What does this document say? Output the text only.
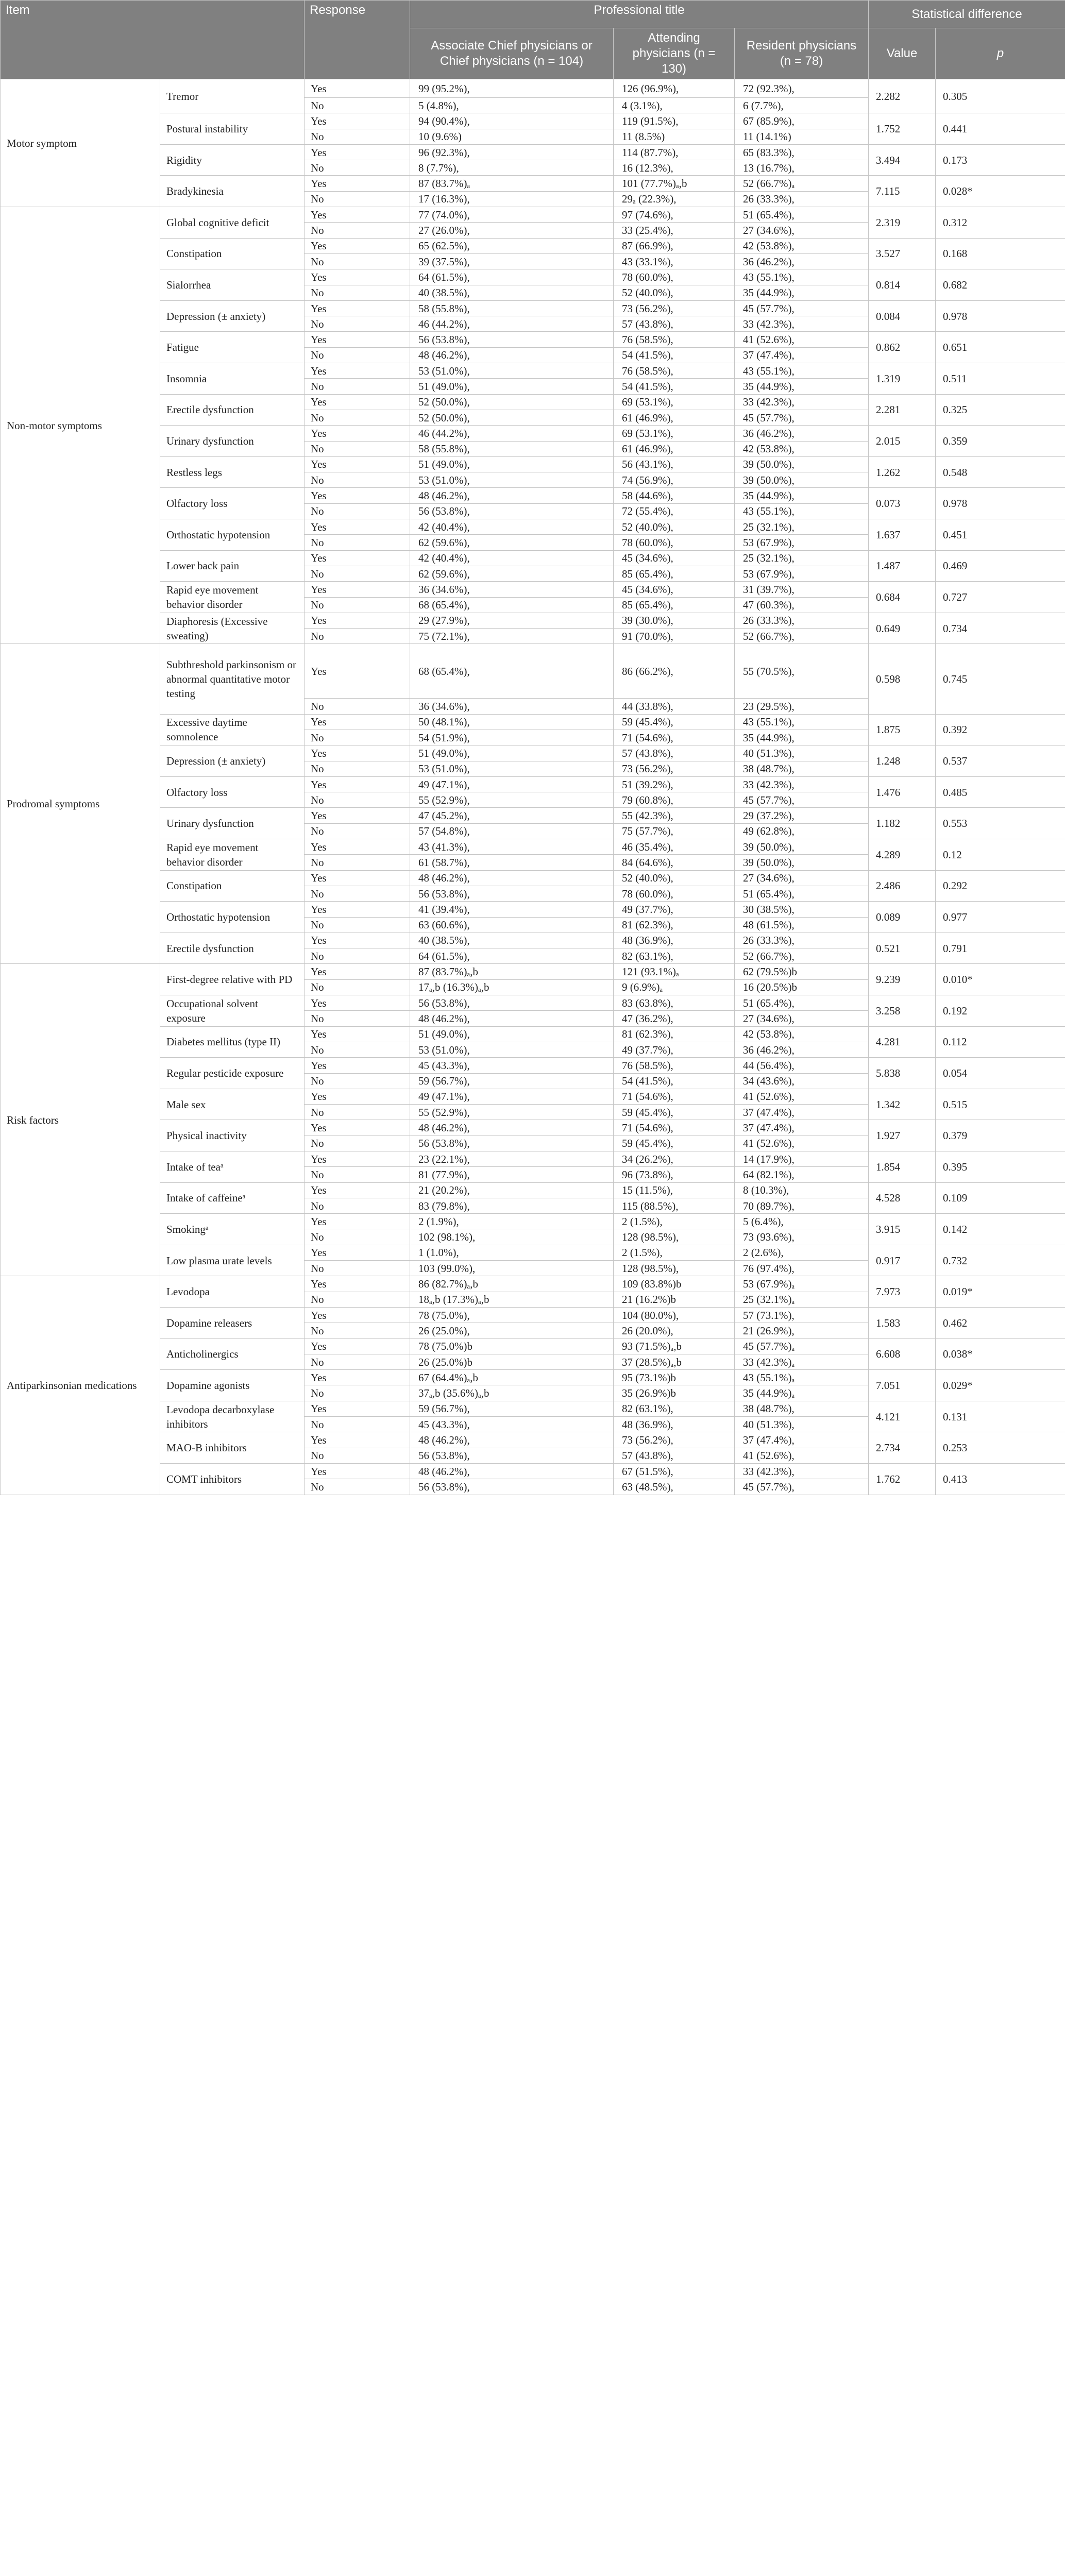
Item		Response	Professional title			Statistical difference	
			Associate Chief physicians or Chief physicians (n = 104)	Attending physicians (n = 130)	Resident physicians (n = 78)	Value	p
Motor symptom	Tremor	Yes	99 (95.2%),	126 (96.9%),	72 (92.3%),	2.282	0.305
		No	5 (4.8%),	4 (3.1%),	6 (7.7%),		
	Postural instability	Yes	94 (90.4%),	119 (91.5%),	67 (85.9%),	1.752	0.441
		No	10 (9.6%)	11 (8.5%)	11 (14.1%)		
	Rigidity	Yes	96 (92.3%),	114 (87.7%),	65 (83.3%),	3.494	0.173
		No	8 (7.7%),	16 (12.3%),	13 (16.7%),		
	Bradykinesia	Yes	87 (83.7%)ₐ	101 (77.7%)ₐ,b	52 (66.7%)ₐ	7.115	0.028*
		No	17 (16.3%),	29ₐ (22.3%),	26 (33.3%),		
Non-motor symptoms	Global cognitive deficit	Yes	77 (74.0%),	97 (74.6%),	51 (65.4%),	2.319	0.312
		No	27 (26.0%),	33 (25.4%),	27 (34.6%),		
	Constipation	Yes	65 (62.5%),	87 (66.9%),	42 (53.8%),	3.527	0.168
		No	39 (37.5%),	43 (33.1%),	36 (46.2%),		
	Sialorrhea	Yes	64 (61.5%),	78 (60.0%),	43 (55.1%),	0.814	0.682
		No	40 (38.5%),	52 (40.0%),	35 (44.9%),		
	Depression (± anxiety)	Yes	58 (55.8%),	73 (56.2%),	45 (57.7%),	0.084	0.978
		No	46 (44.2%),	57 (43.8%),	33 (42.3%),		
	Fatigue	Yes	56 (53.8%),	76 (58.5%),	41 (52.6%),	0.862	0.651
		No	48 (46.2%),	54 (41.5%),	37 (47.4%),		
	Insomnia	Yes	53 (51.0%),	76 (58.5%),	43 (55.1%),	1.319	0.511
		No	51 (49.0%),	54 (41.5%),	35 (44.9%),		
	Erectile dysfunction	Yes	52 (50.0%),	69 (53.1%),	33 (42.3%),	2.281	0.325
		No	52 (50.0%),	61 (46.9%),	45 (57.7%),		
	Urinary dysfunction	Yes	46 (44.2%),	69 (53.1%),	36 (46.2%),	2.015	0.359
		No	58 (55.8%),	61 (46.9%),	42 (53.8%),		
	Restless legs	Yes	51 (49.0%),	56 (43.1%),	39 (50.0%),	1.262	0.548
		No	53 (51.0%),	74 (56.9%),	39 (50.0%),		
	Olfactory loss	Yes	48 (46.2%),	58 (44.6%),	35 (44.9%),	0.073	0.978
		No	56 (53.8%),	72 (55.4%),	43 (55.1%),		
	Orthostatic hypotension	Yes	42 (40.4%),	52 (40.0%),	25 (32.1%),	1.637	0.451
		No	62 (59.6%),	78 (60.0%),	53 (67.9%),		
	Lower back pain	Yes	42 (40.4%),	45 (34.6%),	25 (32.1%),	1.487	0.469
		No	62 (59.6%),	85 (65.4%),	53 (67.9%),		
	Rapid eye movement behavior disorder	Yes	36 (34.6%),	45 (34.6%),	31 (39.7%),	0.684	0.727
		No	68 (65.4%),	85 (65.4%),	47 (60.3%),		
	Diaphoresis (Excessive sweating)	Yes	29 (27.9%),	39 (30.0%),	26 (33.3%),	0.649	0.734
		No	75 (72.1%),	91 (70.0%),	52 (66.7%),		
Prodromal symptoms	Subthreshold parkinsonism or abnormal quantitative motor testing	Yes	68 (65.4%),	86 (66.2%),	55 (70.5%),	0.598	0.745
		No	36 (34.6%),	44 (33.8%),	23 (29.5%),		
	Excessive daytime somnolence	Yes	50 (48.1%),	59 (45.4%),	43 (55.1%),	1.875	0.392
		No	54 (51.9%),	71 (54.6%),	35 (44.9%),		
	Depression (± anxiety)	Yes	51 (49.0%),	57 (43.8%),	40 (51.3%),	1.248	0.537
		No	53 (51.0%),	73 (56.2%),	38 (48.7%),		
	Olfactory loss	Yes	49 (47.1%),	51 (39.2%),	33 (42.3%),	1.476	0.485
		No	55 (52.9%),	79 (60.8%),	45 (57.7%),		
	Urinary dysfunction	Yes	47 (45.2%),	55 (42.3%),	29 (37.2%),	1.182	0.553
		No	57 (54.8%),	75 (57.7%),	49 (62.8%),		
	Rapid eye movement behavior disorder	Yes	43 (41.3%),	46 (35.4%),	39 (50.0%),	4.289	0.12
		No	61 (58.7%),	84 (64.6%),	39 (50.0%),		
	Constipation	Yes	48 (46.2%),	52 (40.0%),	27 (34.6%),	2.486	0.292
		No	56 (53.8%),	78 (60.0%),	51 (65.4%),		
	Orthostatic hypotension	Yes	41 (39.4%),	49 (37.7%),	30 (38.5%),	0.089	0.977
		No	63 (60.6%),	81 (62.3%),	48 (61.5%),		
	Erectile dysfunction	Yes	40 (38.5%),	48 (36.9%),	26 (33.3%),	0.521	0.791
		No	64 (61.5%),	82 (63.1%),	52 (66.7%),		
Risk factors	First-degree relative with PD	Yes	87 (83.7%)ₐ,b	121 (93.1%)ₐ	62 (79.5%)b	9.239	0.010*
		No	17ₐ,b (16.3%)ₐ,b	9 (6.9%)ₐ	16 (20.5%)b		
	Occupational solvent exposure	Yes	56 (53.8%),	83 (63.8%),	51 (65.4%),	3.258	0.192
		No	48 (46.2%),	47 (36.2%),	27 (34.6%),		
	Diabetes mellitus (type II)	Yes	51 (49.0%),	81 (62.3%),	42 (53.8%),	4.281	0.112
		No	53 (51.0%),	49 (37.7%),	36 (46.2%),		
	Regular pesticide exposure	Yes	45 (43.3%),	76 (58.5%),	44 (56.4%),	5.838	0.054
		No	59 (56.7%),	54 (41.5%),	34 (43.6%),		
	Male sex	Yes	49 (47.1%),	71 (54.6%),	41 (52.6%),	1.342	0.515
		No	55 (52.9%),	59 (45.4%),	37 (47.4%),		
	Physical inactivity	Yes	48 (46.2%),	71 (54.6%),	37 (47.4%),	1.927	0.379
		No	56 (53.8%),	59 (45.4%),	41 (52.6%),		
	Intake of teaᵃ	Yes	23 (22.1%),	34 (26.2%),	14 (17.9%),	1.854	0.395
		No	81 (77.9%),	96 (73.8%),	64 (82.1%),		
	Intake of caffeineᵃ	Yes	21 (20.2%),	15 (11.5%),	8 (10.3%),	4.528	0.109
		No	83 (79.8%),	115 (88.5%),	70 (89.7%),		
	Smokingᵃ	Yes	2 (1.9%),	2 (1.5%),	5 (6.4%),	3.915	0.142
		No	102 (98.1%),	128 (98.5%),	73 (93.6%),		
	Low plasma urate levels	Yes	1 (1.0%),	2 (1.5%),	2 (2.6%),	0.917	0.732
		No	103 (99.0%),	128 (98.5%),	76 (97.4%),		
Antiparkinsonian medications	Levodopa	Yes	86 (82.7%)ₐ,b	109 (83.8%)b	53 (67.9%)ₐ	7.973	0.019*
		No	18ₐ,b (17.3%)ₐ,b	21 (16.2%)b	25 (32.1%)ₐ		
	Dopamine releasers	Yes	78 (75.0%),	104 (80.0%),	57 (73.1%),	1.583	0.462
		No	26 (25.0%),	26 (20.0%),	21 (26.9%),		
	Anticholinergics	Yes	78 (75.0%)b	93 (71.5%)ₐ,b	45 (57.7%)ₐ	6.608	0.038*
		No	26 (25.0%)b	37 (28.5%)ₐ,b	33 (42.3%)ₐ		
	Dopamine agonists	Yes	67 (64.4%)ₐ,b	95 (73.1%)b	43 (55.1%)ₐ	7.051	0.029*
		No	37ₐ,b (35.6%)ₐ,b	35 (26.9%)b	35 (44.9%)ₐ		
	Levodopa decarboxylase inhibitors	Yes	59 (56.7%),	82 (63.1%),	38 (48.7%),	4.121	0.131
		No	45 (43.3%),	48 (36.9%),	40 (51.3%),		
	MAO-B inhibitors	Yes	48 (46.2%),	73 (56.2%),	37 (47.4%),	2.734	0.253
		No	56 (53.8%),	57 (43.8%),	41 (52.6%),		
	COMT inhibitors	Yes	48 (46.2%),	67 (51.5%),	33 (42.3%),	1.762	0.413
		No	56 (53.8%),	63 (48.5%),	45 (57.7%),		
